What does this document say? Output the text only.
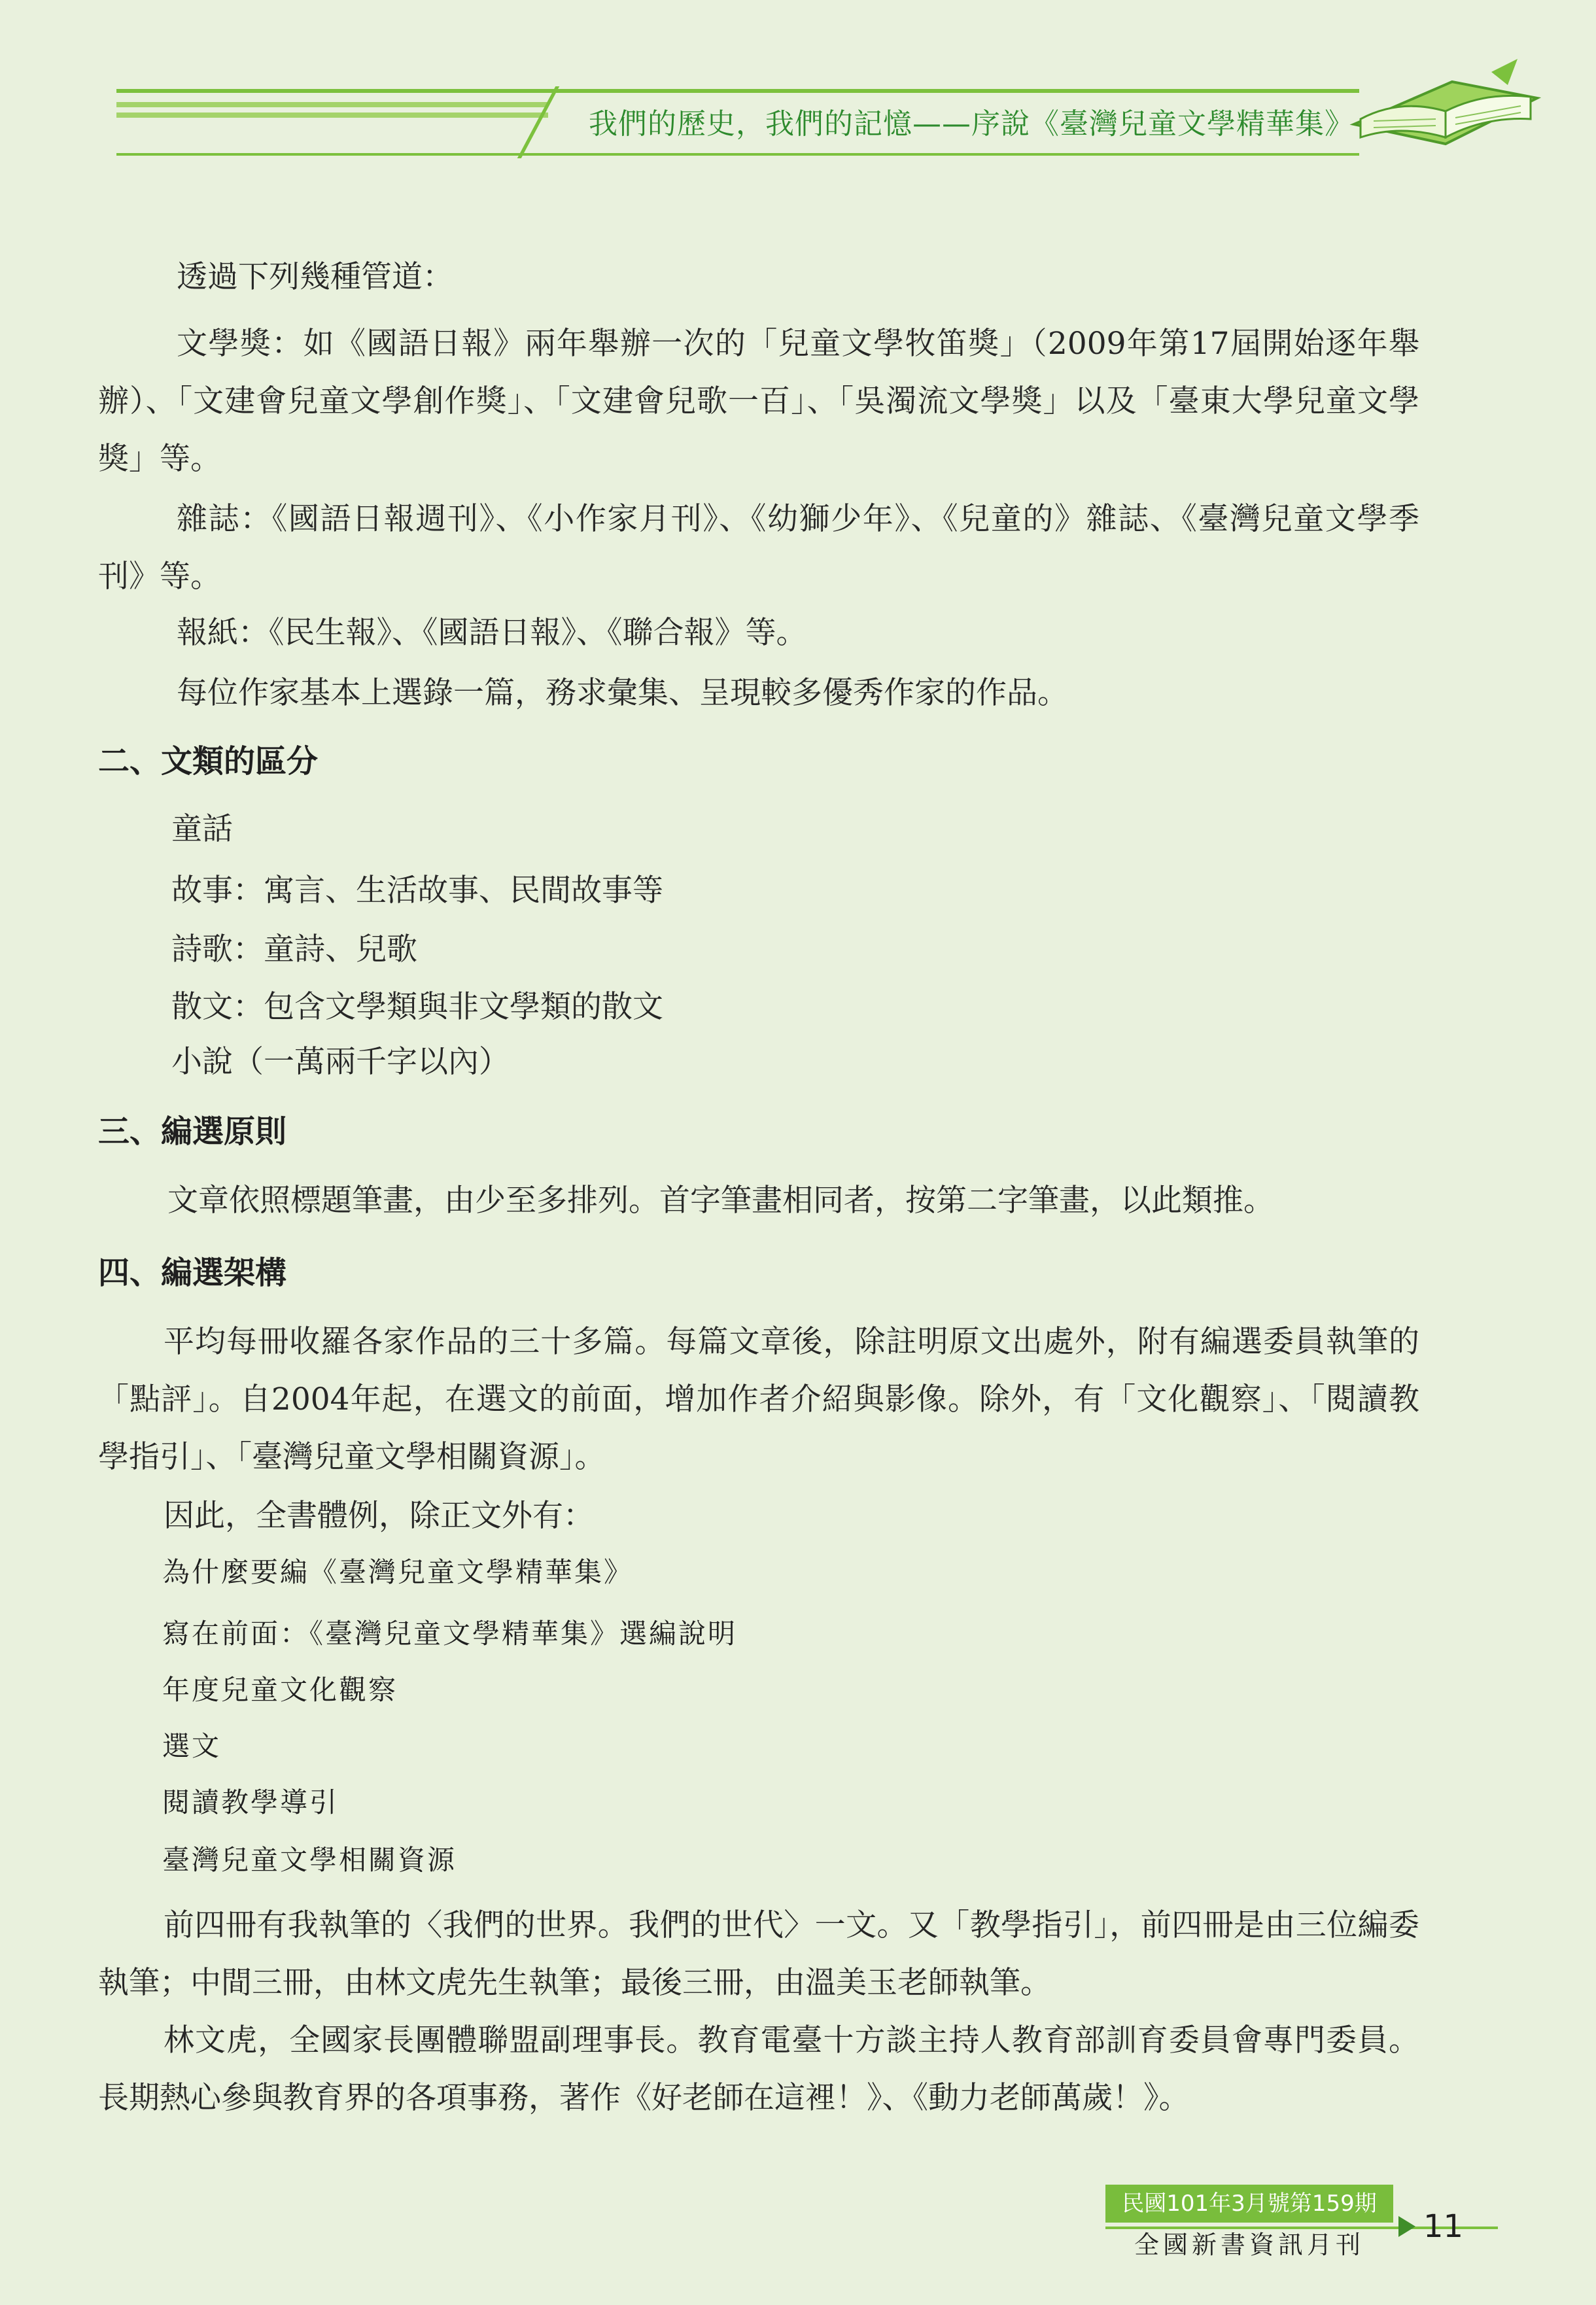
我們的歷史，我們的記憶——序說《臺灣兒童文學精華集》
透過下列幾種管道：
文學獎：如《國語日報》兩年舉辦一次的「兒童文學牧笛獎」（2009年第17屆開始逐年舉辦）、「文建會兒童文學創作獎」、「文建會兒歌一百」、「吳濁流文學獎」以及「臺東大學兒童文學獎」等。
雜誌：《國語日報週刊》、《小作家月刊》、《幼獅少年》、《兒童的》雜誌、《臺灣兒童文學季刊》等。
報紙：《民生報》、《國語日報》、《聯合報》等。
每位作家基本上選錄一篇，務求彙集、呈現較多優秀作家的作品。
二、文類的區分
童話
故事：寓言、生活故事、民間故事等
詩歌：童詩、兒歌
散文：包含文學類與非文學類的散文
小說（一萬兩千字以內）
三、編選原則
文章依照標題筆畫，由少至多排列。首字筆畫相同者，按第二字筆畫，以此類推。
四、編選架構
平均每冊收羅各家作品的三十多篇。每篇文章後，除註明原文出處外，附有編選委員執筆的「點評」。自2004年起，在選文的前面，增加作者介紹與影像。除外，有「文化觀察」、「閱讀教學指引」、「臺灣兒童文學相關資源」。
因此，全書體例，除正文外有：
為什麼要編《臺灣兒童文學精華集》
寫在前面：《臺灣兒童文學精華集》選編說明
年度兒童文化觀察
選文
閱讀教學導引
臺灣兒童文學相關資源
前四冊有我執筆的〈我們的世界。我們的世代〉一文。又「教學指引」，前四冊是由三位編委執筆；中間三冊，由林文虎先生執筆；最後三冊，由溫美玉老師執筆。
林文虎，全國家長團體聯盟副理事長。教育電臺十方談主持人教育部訓育委員會專門委員。長期熱心參與教育界的各項事務，著作《好老師在這裡！》、《動力老師萬歲！》。
民國101年3月號第159期
全國新書資訊月刊	11
